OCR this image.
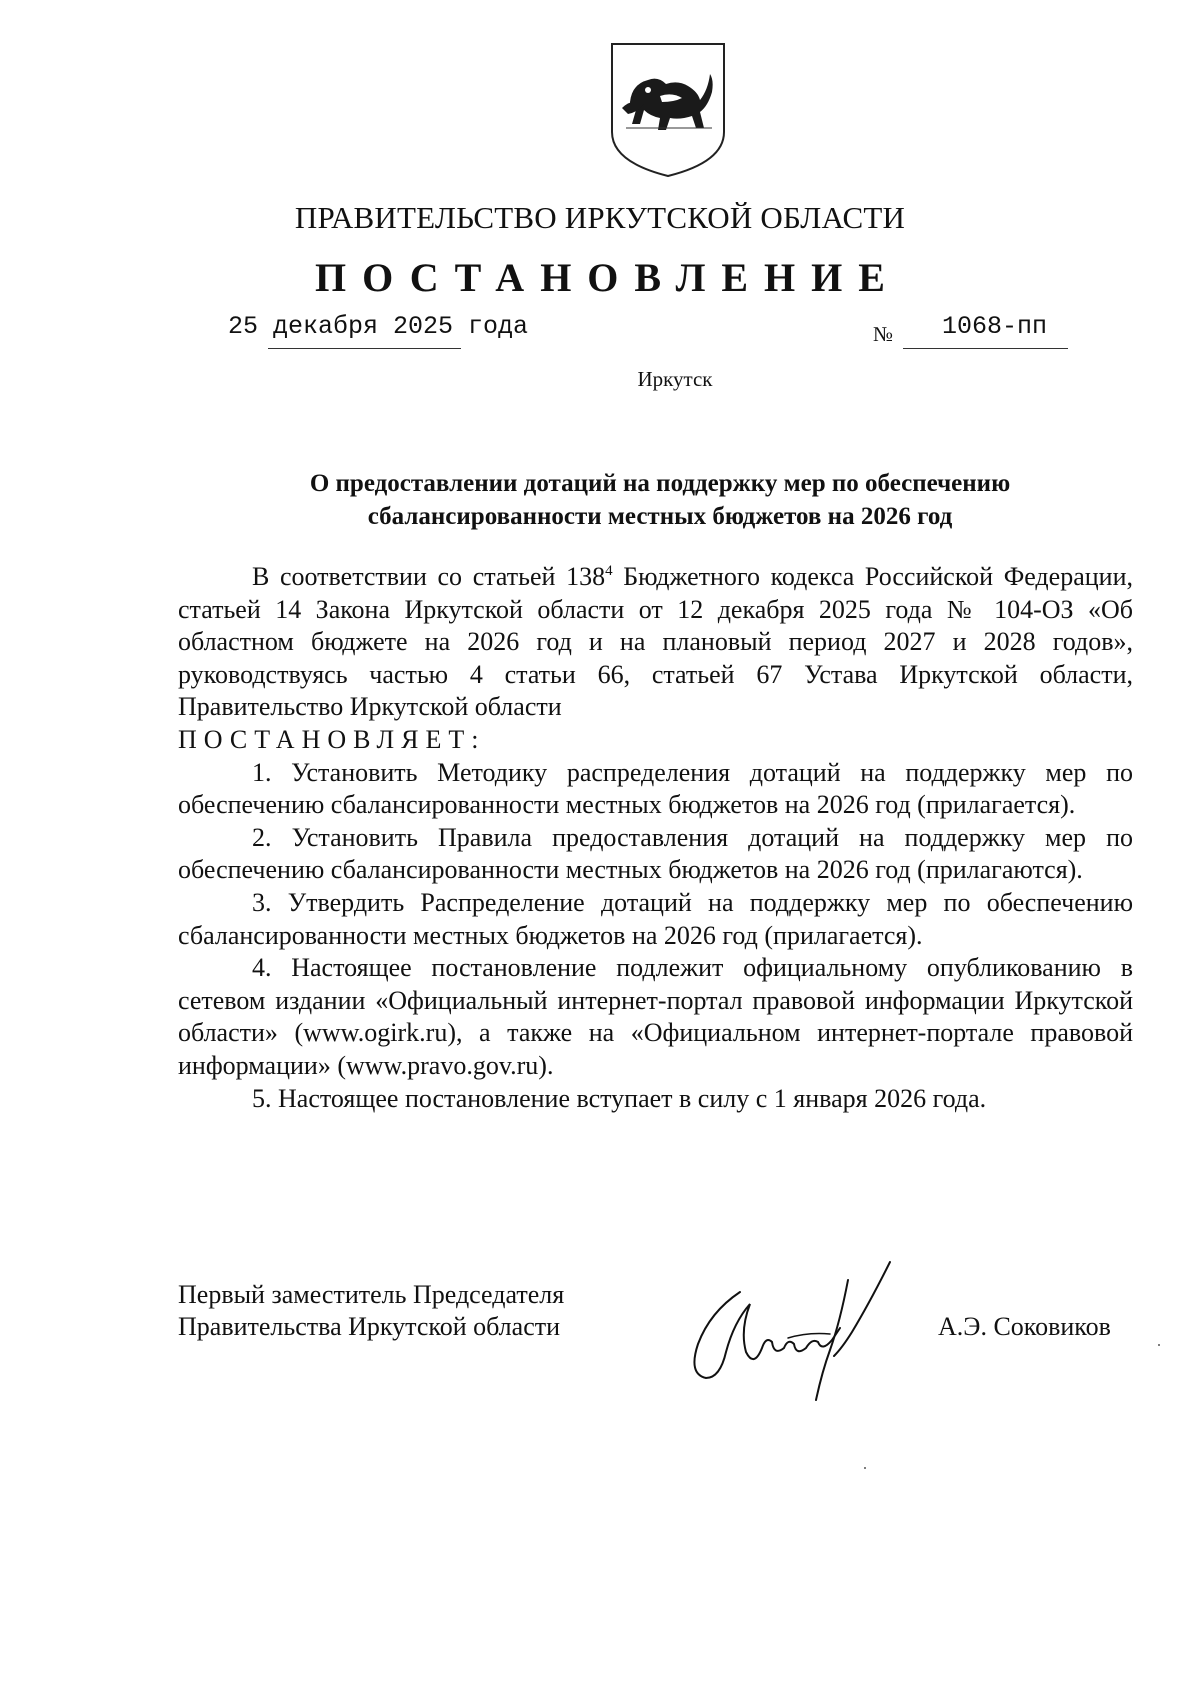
ПРАВИТЕЛЬСТВО ИРКУТСКОЙ ОБЛАСТИ
ПОСТАНОВЛЕНИЕ
25 декабря 2025 года	№ 1068-пп
Иркутск
О предоставлении дотаций на поддержку мер по обеспечению
сбалансированности местных бюджетов на 2026 год

В соответствии со статьей $138^4$ Бюджетного кодекса Российской Федерации, статьей 14 Закона Иркутской области от 12 декабря 2025 года № 104-ОЗ «Об областном бюджете на 2026 год и на плановый период 2027 и 2028 годов», руководствуясь частью 4 статьи 66, статьей 67 Устава Иркутской области, Правительство Иркутской области

ПОСТАНОВЛЯЕТ:

1. Установить Методику распределения дотаций на поддержку мер по обеспечению сбалансированности местных бюджетов на 2026 год (прилагается).

2. Установить Правила предоставления дотаций на поддержку мер по обеспечению сбалансированности местных бюджетов на 2026 год (прилагаются).

3. Утвердить Распределение дотаций на поддержку мер по обеспечению сбалансированности местных бюджетов на 2026 год (прилагается).

4. Настоящее постановление подлежит официальному опубликованию в сетевом издании «Официальный интернет-портал правовой информации Иркутской области» (www.ogirk.ru), а также на «Официальном интернет-портале правовой информации» (www.pravo.gov.ru).

5. Настоящее постановление вступает в силу с 1 января 2026 года.

Первый заместитель Председателя
Правительства Иркутской области	А.Э. Соковиков
